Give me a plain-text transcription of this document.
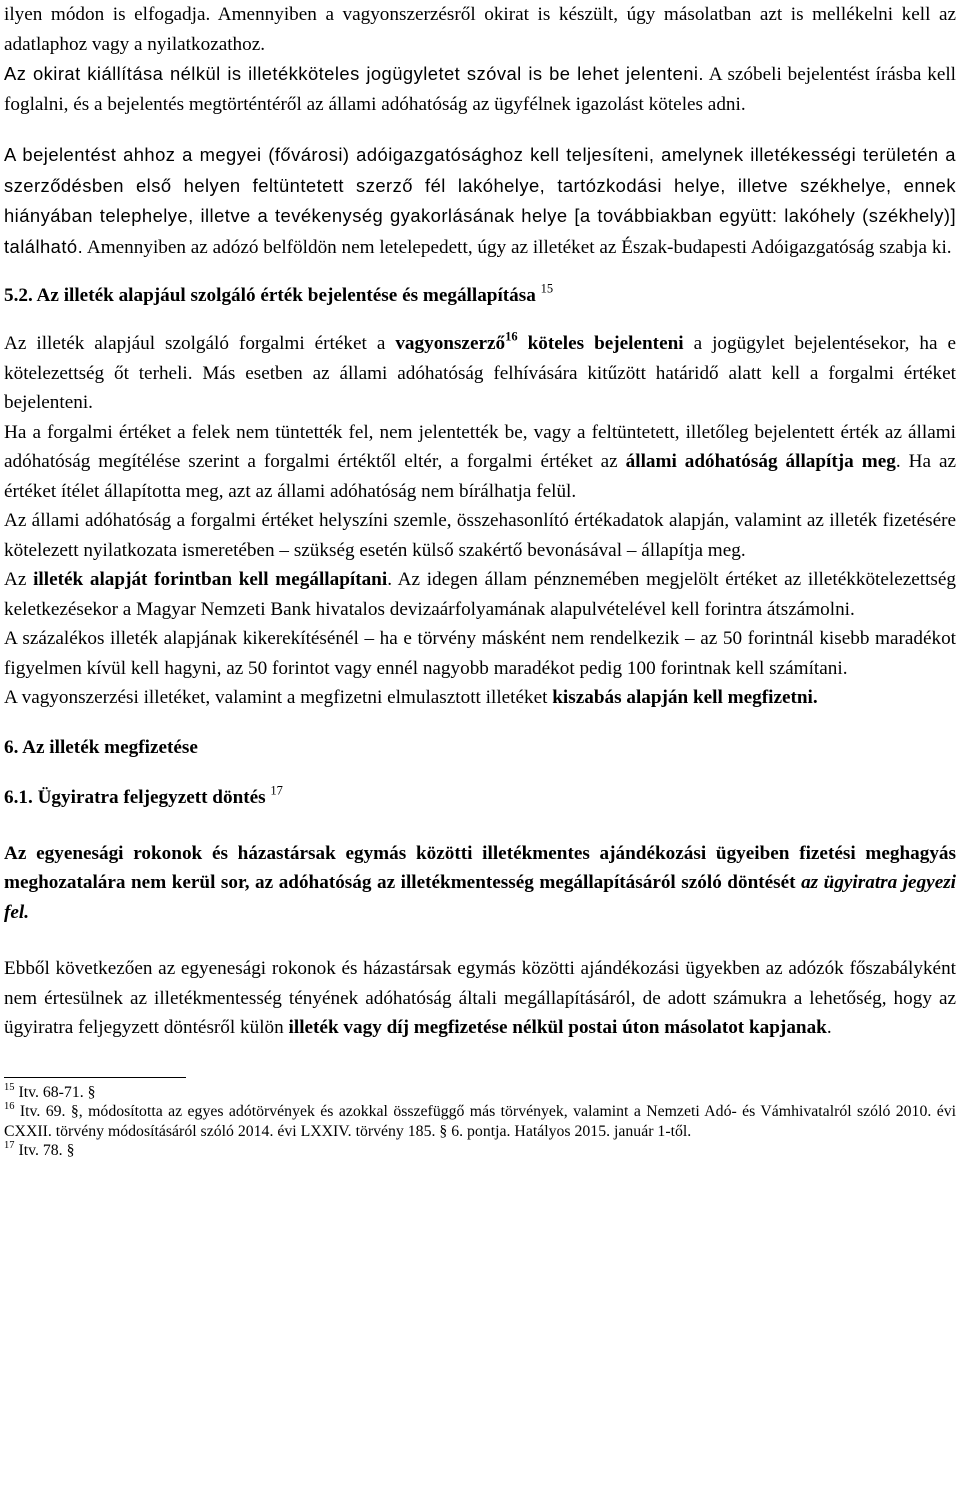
ilyen módon is elfogadja. Amennyiben a vagyonszerzésről okirat is készült, úgy másolatban azt is mellékelni kell az adatlaphoz vagy a nyilatkozathoz.

Az okirat kiállítása nélkül is illetékköteles jogügyletet szóval is be lehet jelenteni. A szóbeli bejelentést írásba kell foglalni, és a bejelentés megtörténtéről az állami adóhatóság az ügyfélnek igazolást köteles adni.

A bejelentést ahhoz a megyei (fővárosi) adóigazgatósághoz kell teljesíteni, amelynek illetékességi területén a szerződésben első helyen feltüntetett szerző fél lakóhelye, tartózkodási helye, illetve székhelye, ennek hiányában telephelye, illetve a tevékenység gyakorlásának helye [a továbbiakban együtt: lakóhely (székhely)] található. Amennyiben az adózó belföldön nem letelepedett, úgy az illetéket az Észak-budapesti Adóigazgatóság szabja ki.

5.2. Az illeték alapjául szolgáló érték bejelentése és megállapítása $^{15}$

Az illeték alapjául szolgáló forgalmi értéket a vagyonszerző$^{16}$ köteles bejelenteni a jogügylet bejelentésekor, ha e kötelezettség őt terheli. Más esetben az állami adóhatóság felhívására kitűzött határidő alatt kell a forgalmi értéket bejelenteni.

Ha a forgalmi értéket a felek nem tüntették fel, nem jelentették be, vagy a feltüntetett, illetőleg bejelentett érték az állami adóhatóság megítélése szerint a forgalmi értéktől eltér, a forgalmi értéket az állami adóhatóság állapítja meg. Ha az értéket ítélet állapította meg, azt az állami adóhatóság nem bírálhatja felül.

Az állami adóhatóság a forgalmi értéket helyszíni szemle, összehasonlító értékadatok alapján, valamint az illeték fizetésére kötelezett nyilatkozata ismeretében – szükség esetén külső szakértő bevonásával – állapítja meg.

Az illeték alapját forintban kell megállapítani. Az idegen állam pénznemében megjelölt értéket az illetékkötelezettség keletkezésekor a Magyar Nemzeti Bank hivatalos devizaárfolyamának alapulvételével kell forintra átszámolni.

A százalékos illeték alapjának kikerekítésénél – ha e törvény másként nem rendelkezik – az 50 forintnál kisebb maradékot figyelmen kívül kell hagyni, az 50 forintot vagy ennél nagyobb maradékot pedig 100 forintnak kell számítani.

A vagyonszerzési illetéket, valamint a megfizetni elmulasztott illetéket kiszabás alapján kell megfizetni.

6. Az illeték megfizetése

6.1. Ügyiratra feljegyzett döntés $^{17}$

Az egyenesági rokonok és házastársak egymás közötti illetékmentes ajándékozási ügyeiben fizetési meghagyás meghozatalára nem kerül sor, az adóhatóság az illetékmentesség megállapításáról szóló döntését az ügyiratra jegyezi fel.

Ebből következően az egyenesági rokonok és házastársak egymás közötti ajándékozási ügyekben az adózók főszabályként nem értesülnek az illetékmentesség tényének adóhatóság általi megállapításáról, de adott számukra a lehetőség, hogy az ügyiratra feljegyzett döntésről külön illeték vagy díj megfizetése nélkül postai úton másolatot kapjanak.

$^{15}$ Itv. 68-71. §

$^{16}$ Itv. 69. §, módosította az egyes adótörvények és azokkal összefüggő más törvények, valamint a Nemzeti Adó- és Vámhivatalról szóló 2010. évi CXXII. törvény módosításáról szóló 2014. évi LXXIV. törvény 185. § 6. pontja. Hatályos 2015. január 1-től.

$^{17}$ Itv. 78. §
